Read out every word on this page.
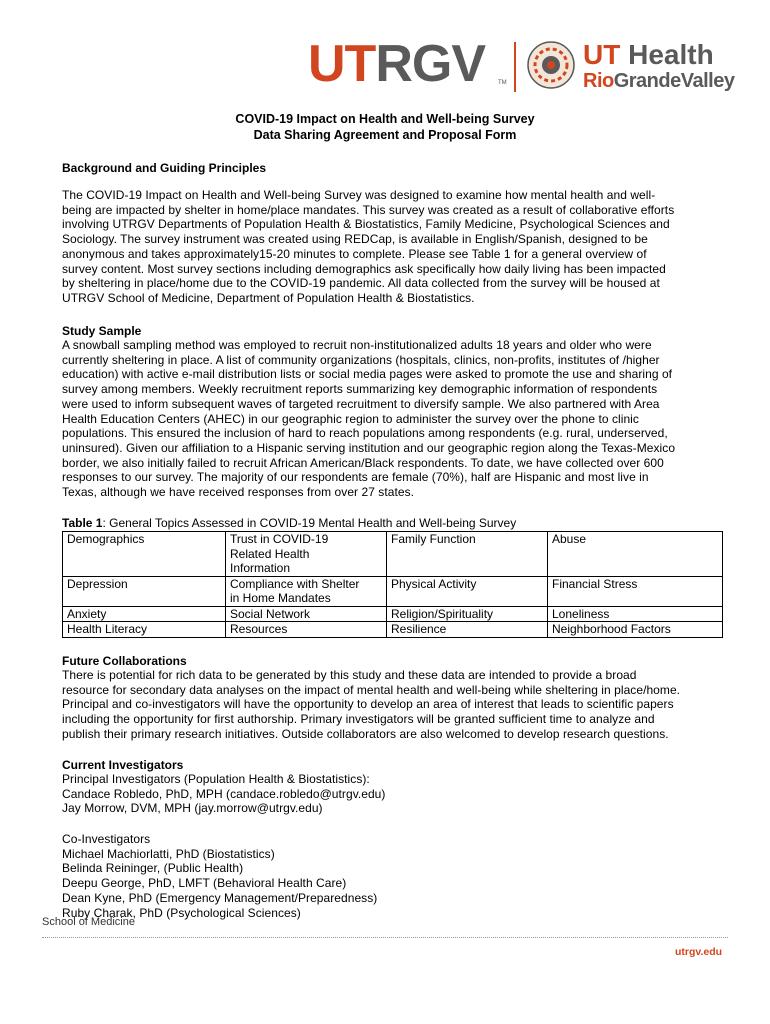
UTRGV TM
UT Health
RioGrandeValley
COVID-19 Impact on Health and Well-being Survey
Data Sharing Agreement and Proposal Form
Background and Guiding Principles
The COVID-19 Impact on Health and Well-being Survey was designed to examine how mental health and well-
being are impacted by shelter in home/place mandates. This survey was created as a result of collaborative efforts
involving UTRGV Departments of Population Health & Biostatistics, Family Medicine, Psychological Sciences and
Sociology. The survey instrument was created using REDCap, is available in English/Spanish, designed to be
anonymous and takes approximately15-20 minutes to complete. Please see Table 1 for a general overview of
survey content. Most survey sections including demographics ask specifically how daily living has been impacted
by sheltering in place/home due to the COVID-19 pandemic. All data collected from the survey will be housed at
UTRGV School of Medicine, Department of Population Health & Biostatistics.
Study Sample
A snowball sampling method was employed to recruit non-institutionalized adults 18 years and older who were
currently sheltering in place. A list of community organizations (hospitals, clinics, non-profits, institutes of /higher
education) with active e-mail distribution lists or social media pages were asked to promote the use and sharing of
survey among members. Weekly recruitment reports summarizing key demographic information of respondents
were used to inform subsequent waves of targeted recruitment to diversify sample. We also partnered with Area
Health Education Centers (AHEC) in our geographic region to administer the survey over the phone to clinic
populations. This ensured the inclusion of hard to reach populations among respondents (e.g. rural, underserved,
uninsured). Given our affiliation to a Hispanic serving institution and our geographic region along the Texas-Mexico
border, we also initially failed to recruit African American/Black respondents. To date, we have collected over 600
responses to our survey. The majority of our respondents are female (70%), half are Hispanic and most live in
Texas, although we have received responses from over 27 states.
Table 1: General Topics Assessed in COVID-19 Mental Health and Well-being Survey
Demographics	Trust in COVID-19
Related Health
Information	Family Function	Abuse

Depression	Compliance with Shelter
in Home Mandates	Physical Activity	Financial Stress

Anxiety	Social Network	Religion/Spirituality	Loneliness

Health Literacy	Resources	Resilience	Neighborhood Factors
Future Collaborations
There is potential for rich data to be generated by this study and these data are intended to provide a broad
resource for secondary data analyses on the impact of mental health and well-being while sheltering in place/home.
Principal and co-investigators will have the opportunity to develop an area of interest that leads to scientific papers
including the opportunity for first authorship. Primary investigators will be granted sufficient time to analyze and
publish their primary research initiatives. Outside collaborators are also welcomed to develop research questions.
Current Investigators
Principal Investigators (Population Health & Biostatistics):
Candace Robledo, PhD, MPH (candace.robledo@utrgv.edu)
Jay Morrow, DVM, MPH (jay.morrow@utrgv.edu)
Co-Investigators
Michael Machiorlatti, PhD (Biostatistics)
Belinda Reininger, (Public Health)
Deepu George, PhD, LMFT (Behavioral Health Care)
Dean Kyne, PhD (Emergency Management/Preparedness)
Ruby Charak, PhD (Psychological Sciences)
School of Medicine
utrgv.edu
